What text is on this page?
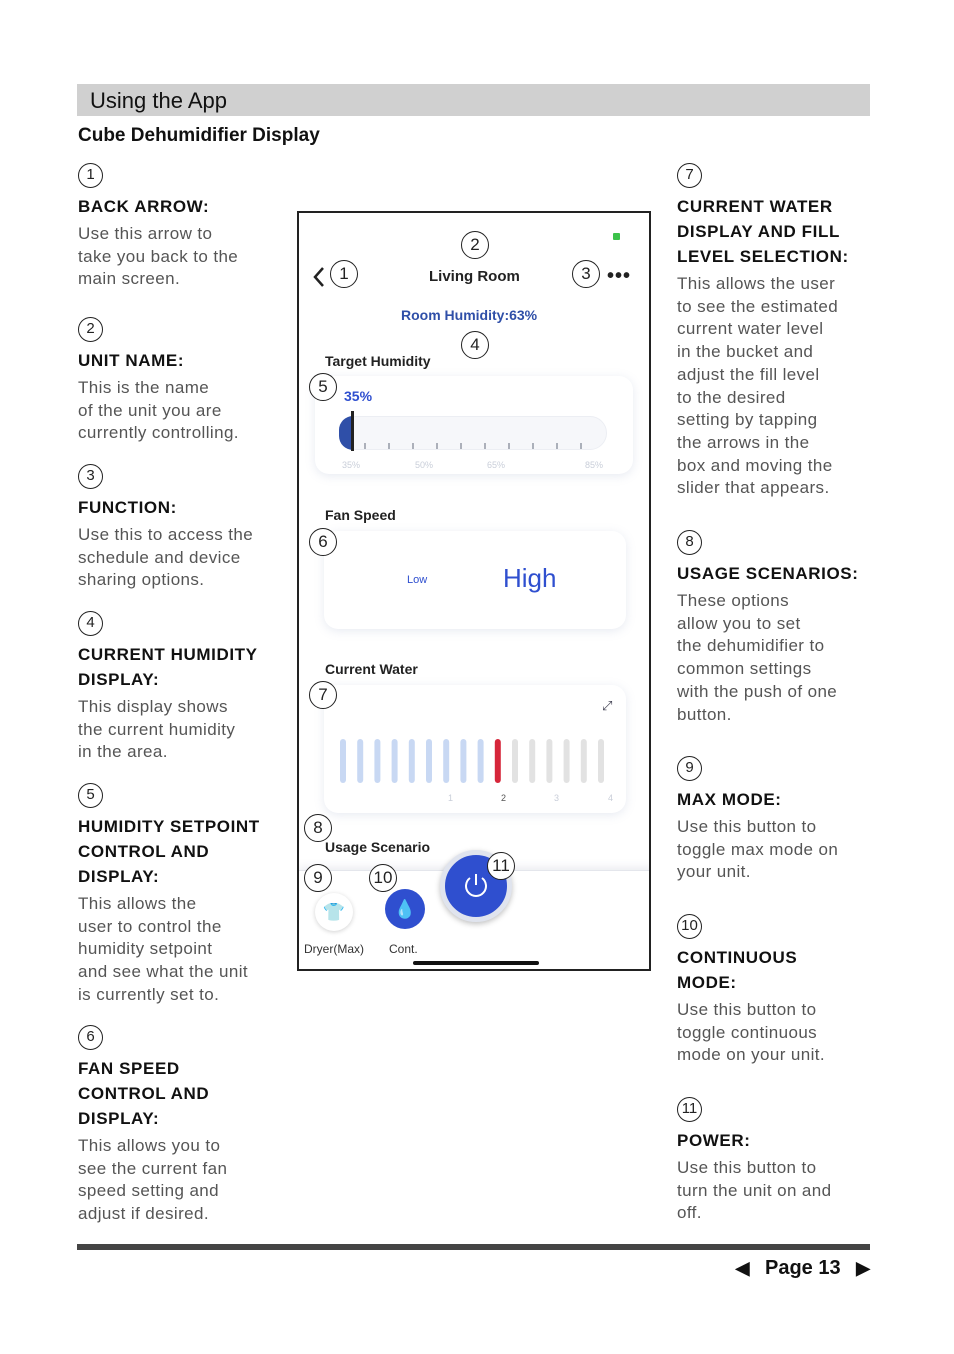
Using the App
Cube Dehumidifier Display
1
BACK ARROW:
Use this arrow to
take you back to the
main screen.
2
UNIT NAME:
This is the name
of the unit you are
currently controlling.
3
FUNCTION:
Use this to access the
schedule and device
sharing options.
4
CURRENT HUMIDITY
DISPLAY:
This display shows
the current humidity
in the area.
5
HUMIDITY SETPOINT
CONTROL AND
DISPLAY:
This allows the
user to control the
humidity setpoint
and see what the unit
is currently set to.
6
FAN SPEED
CONTROL AND
DISPLAY:
This allows you to
see the current fan
speed setting and
adjust if desired.
7
CURRENT WATER
DISPLAY AND FILL
LEVEL SELECTION:
This allows the user
to see the estimated
current water level
in the bucket and
adjust the fill level
to the desired
setting by tapping
the arrows in the
box and moving the
slider that appears.
8
USAGE SCENARIOS:
These options
allow you to set
the dehumidifier to
common settings
with the push of one
button.
9
MAX MODE:
Use this button to
toggle max mode on
your unit.
10
CONTINUOUS
MODE:
Use this button to
toggle continuous
mode on your unit.
11
POWER:
Use this button to
turn the unit on and
off.
1
2
Living Room	3 •••
Room Humidity:63%
4
Target Humidity
5	35%
35%	50%	65%	85%
Fan Speed
6
Low	High
Current Water
7
⤢
1	2	3	4
8
Usage Scenario
9
👕
Dryer(Max)
10
💧
Cont.
11
◀ Page 13 ▶
